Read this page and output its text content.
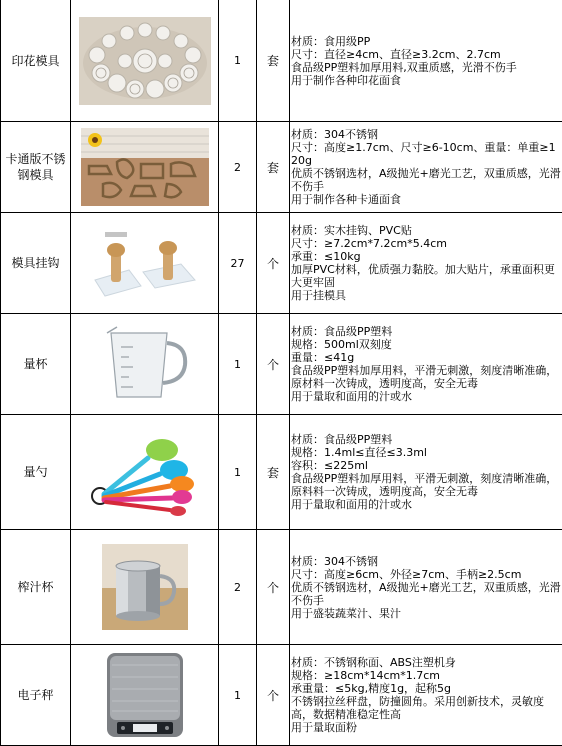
印花模具		1	套	材质：食用级PP
尺寸：直径≥4cm、直径≥3.2cm、2.7cm
食品级PP塑料加厚用料,双重质感，光滑不伤手
用于制作各种印花面食

卡通版不锈钢模具		2	套	材质：304不锈钢
尺寸：高度≥1.7cm、尺寸≥6-10cm、重量：单重≥120g
优质不锈钢选材，A级抛光+磨光工艺，双重质感，光滑不伤手
用于制作各种卡通面食

模具挂钩		27	个	材质：实木挂钩、PVC贴
尺寸：≥7.2cm*7.2cm*5.4cm
承重：≤10kg
加厚PVC材料，优质强力黏胶。加大贴片，承重面积更大更牢固
用于挂模具

量杯		1	个	材质：食品级PP塑料
规格：500ml双刻度
重量：≤41g
食品级PP塑料加厚用料，平滑无刺激，刻度清晰准确，原材料一次铸成，透明度高，安全无毒
用于量取和面用的汁或水

量勺		1	套	材质：食品级PP塑料
规格：1.4ml≤直径≤3.3ml
容积：≤225ml
食品级PP塑料加厚用料，平滑无刺激，刻度清晰准确，原料料一次铸成，透明度高，安全无毒
用于量取和面用的汁或水

榨汁杯		2	个	材质：304不锈钢
尺寸：高度≥6cm、外径≥7cm、手柄≥2.5cm
优质不锈钢选材，A级抛光+磨光工艺，双重质感，光滑不伤手
用于盛装蔬菜汁、果汁

电子秤		1	个	材质：不锈钢称面、ABS注塑机身
规格：≥18cm*14cm*1.7cm
承重量：≤5kg,精度1g，起称5g
不锈钢拉丝秤盘，防撞圆角。采用创新技术，灵敏度高，数据精准稳定性高
用于量取面粉
